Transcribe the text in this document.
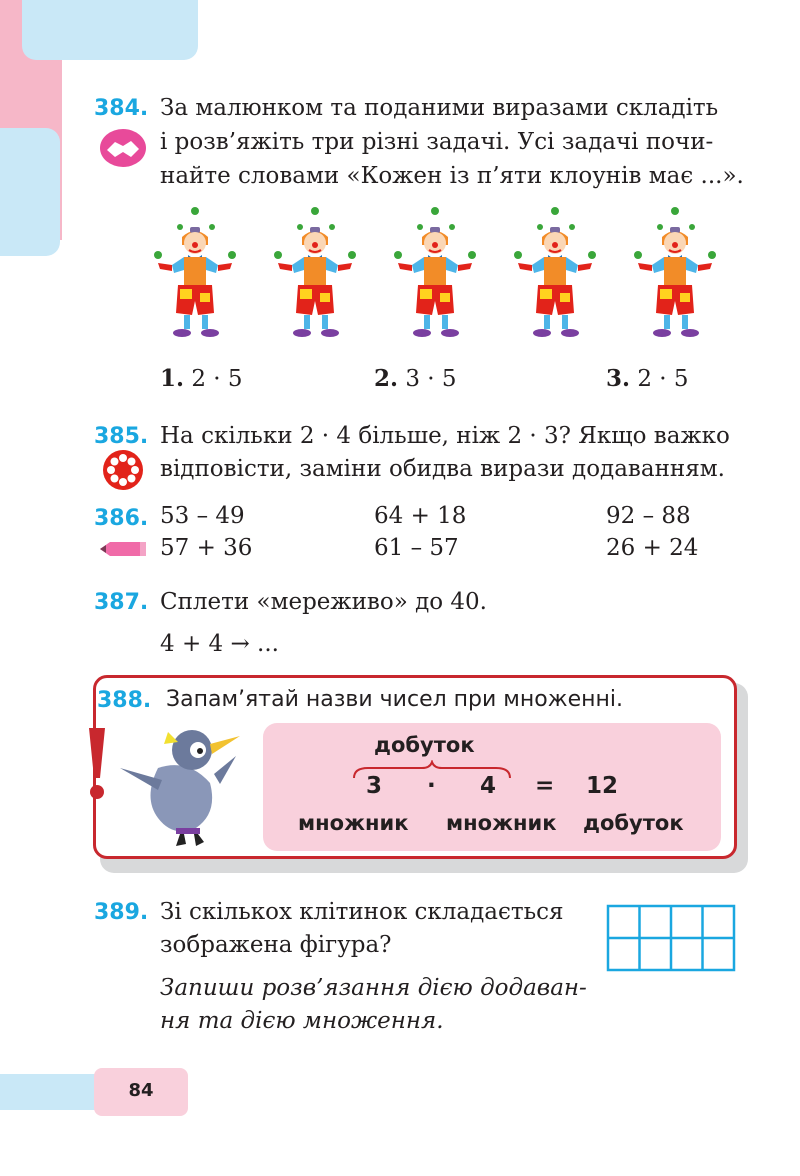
384. За малюнком та поданими виразами складіть
і розв’яжіть три різні задачі. Усі задачі почи-
найте словами «Кожен із п’яти клоунів має ...».
1. 2 · 5	2. 3 · 5	3. 2 · 5
385. На скільки 2 · 4 більше, ніж 2 · 3? Якщо важко
відповісти, заміни обидва вирази додаванням.
386. 53 – 49	64 + 18	92 – 88
57 + 36	61 – 57	26 + 24
387. Сплети «мереживо» до 40.
4 + 4 → ...
388. Запам’ятай назви чисел при множенні.
добуток
3 · 4 = 12
множник множник добуток
389. Зі скількох клітинок складається
зображена фігура?
Запиши розв’язання дією додаван-
ня та дією множення.
84
